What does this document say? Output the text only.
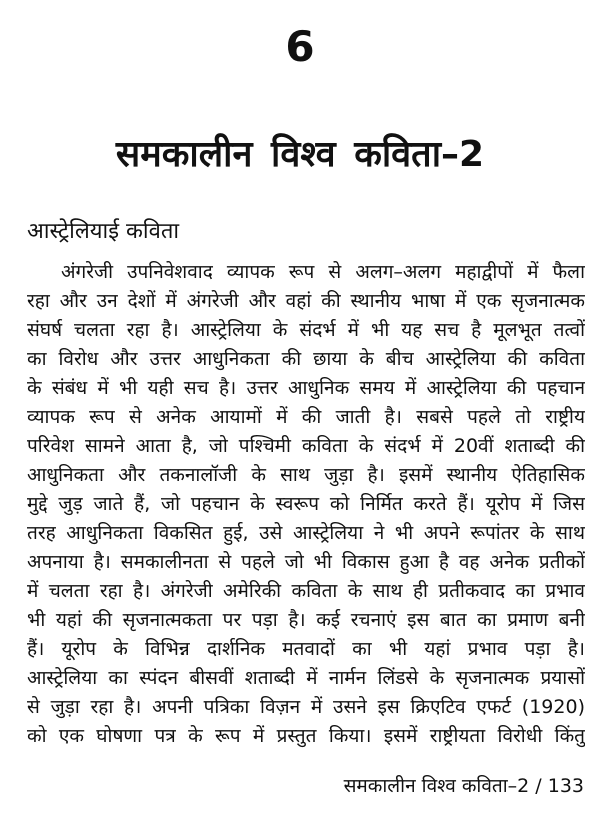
6
समकालीन विश्व कविता–2
आस्ट्रेलियाई कविता
अंगरेजी उपनिवेशवाद व्यापक रूप से अलग–अलग महाद्वीपों में फैला
रहा और उन देशों में अंगरेजी और वहां की स्थानीय भाषा में एक सृजनात्मक
संघर्ष चलता रहा है। आस्ट्रेलिया के संदर्भ में भी यह सच है मूलभूत तत्वों
का विरोध और उत्तर आधुनिकता की छाया के बीच आस्ट्रेलिया की कविता
के संबंध में भी यही सच है। उत्तर आधुनिक समय में आस्ट्रेलिया की पहचान
व्यापक रूप से अनेक आयामों में की जाती है। सबसे पहले तो राष्ट्रीय
परिवेश सामने आता है, जो पश्चिमी कविता के संदर्भ में 20वीं शताब्दी की
आधुनिकता और तकनालॉजी के साथ जुड़ा है। इसमें स्थानीय ऐतिहासिक
मुद्दे जुड़ जाते हैं, जो पहचान के स्वरूप को निर्मित करते हैं। यूरोप में जिस
तरह आधुनिकता विकसित हुई, उसे आस्ट्रेलिया ने भी अपने रूपांतर के साथ
अपनाया है। समकालीनता से पहले जो भी विकास हुआ है वह अनेक प्रतीकों
में चलता रहा है। अंगरेजी अमेरिकी कविता के साथ ही प्रतीकवाद का प्रभाव
भी यहां की सृजनात्मकता पर पड़ा है। कई रचनाएं इस बात का प्रमाण बनी
हैं। यूरोप के विभिन्न दार्शनिक मतवादों का भी यहां प्रभाव पड़ा है।
आस्ट्रेलिया का स्पंदन बीसवीं शताब्दी में नार्मन लिंडसे के सृजनात्मक प्रयासों
से जुड़ा रहा है। अपनी पत्रिका विज़न में उसने इस क्रिएटिव एफर्ट (1920)
को एक घोषणा पत्र के रूप में प्रस्तुत किया। इसमें राष्ट्रीयता विरोधी किंतु
समकालीन विश्व कविता–2 / 133
